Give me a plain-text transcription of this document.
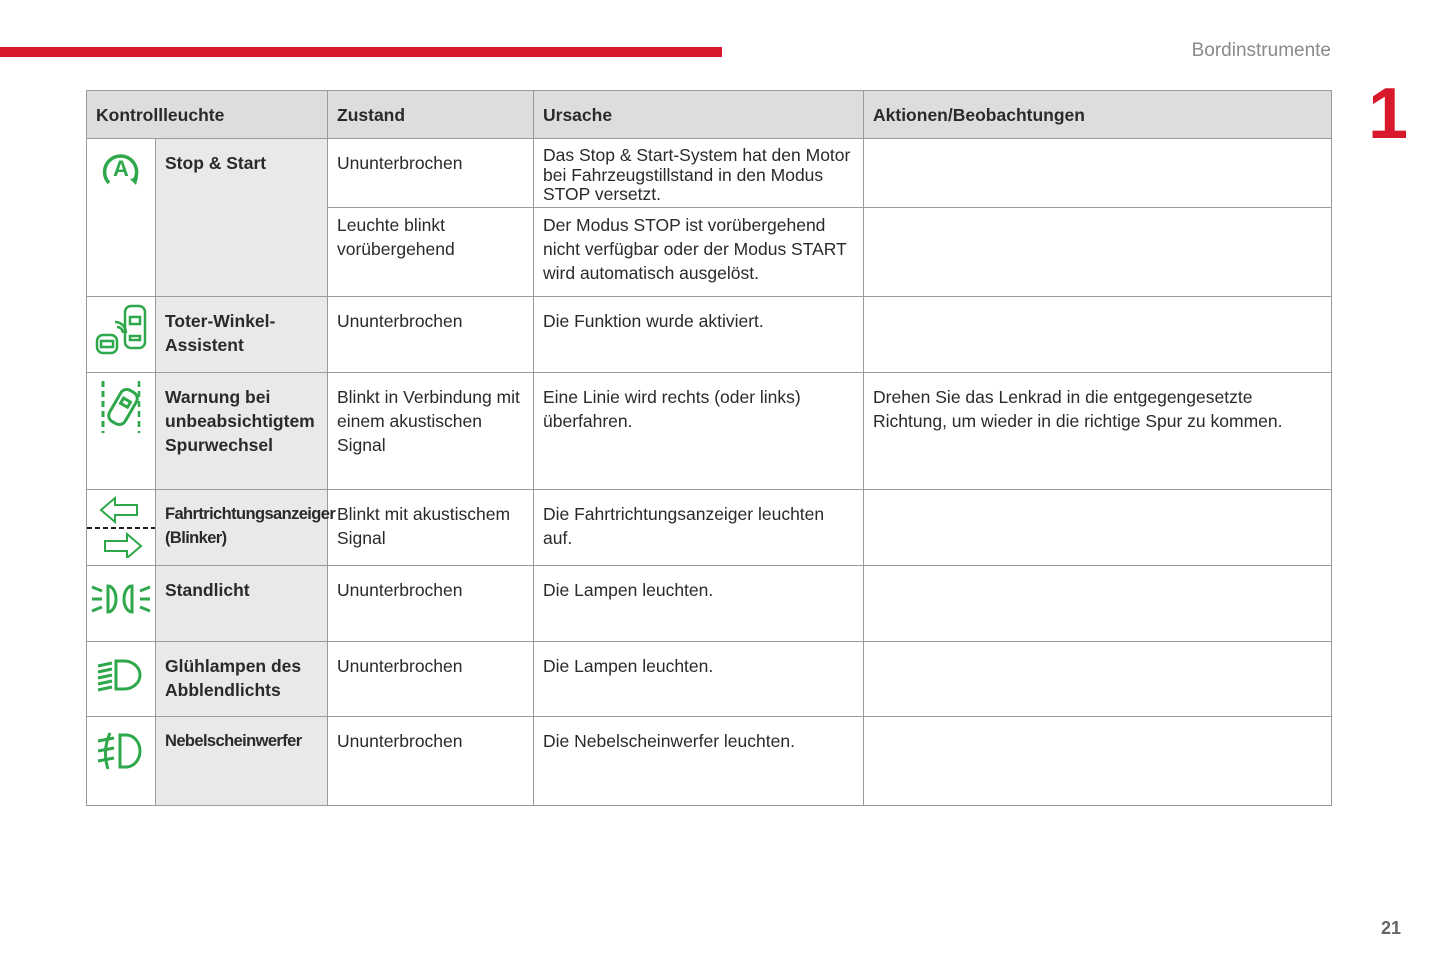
Bordinstrumente
1
21
Kontrollleuchte		Zustand	Ursache	Aktionen/Beobachtungen

A	Stop & Start	Ununterbrochen	Das Stop & Start-System hat den Motor bei Fahrzeugstillstand in den Modus STOP versetzt.	
		Leuchte blinkt vorübergehend	Der Modus STOP ist vorübergehend nicht verfügbar oder der Modus START wird automatisch ausgelöst.	

	Toter-Winkel-Assistent	Ununterbrochen	Die Funktion wurde aktiviert.	

	Warnung bei unbeabsichtigtem Spurwechsel	Blinkt in Verbindung mit einem akustischen Signal	Eine Linie wird rechts (oder links) überfahren.	Drehen Sie das Lenkrad in die entgegengesetzte Richtung, um wieder in die richtige Spur zu kommen.

	Fahrtrichtungsanzeiger (Blinker)	Blinkt mit akustischem Signal	Die Fahrtrichtungsanzeiger leuchten auf.	

	Standlicht	Ununterbrochen	Die Lampen leuchten.	

	Glühlampen des Abblendlichts	Ununterbrochen	Die Lampen leuchten.	

	Nebelscheinwerfer	Ununterbrochen	Die Nebelscheinwerfer leuchten.	
